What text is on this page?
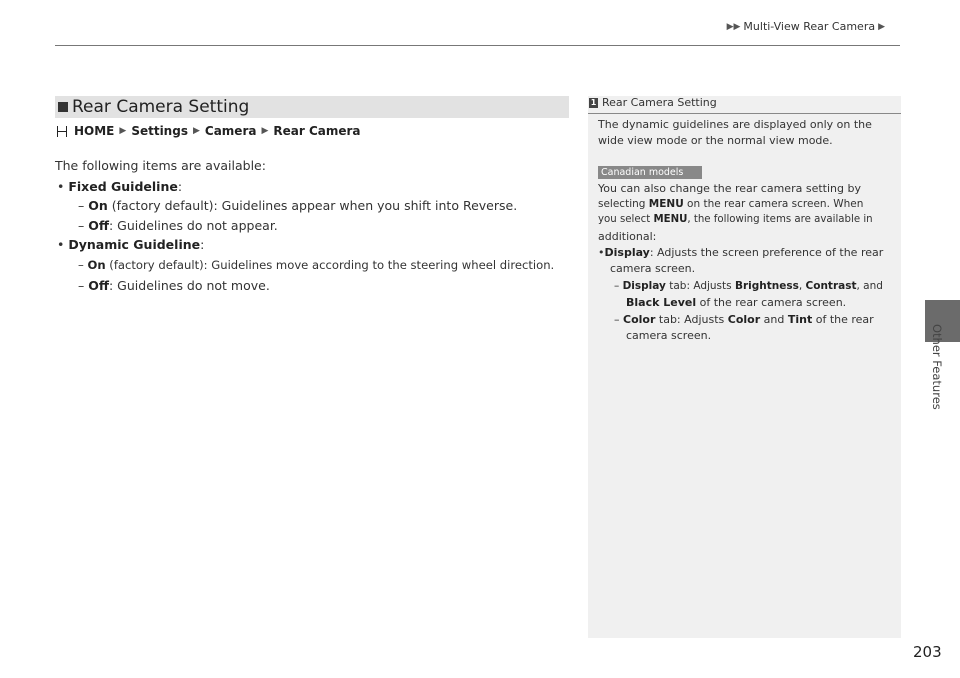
▶▶ Multi-View Rear Camera ▶
Other Features
Rear Camera Setting
HOME ▶ Settings ▶ Camera ▶ Rear Camera
The following items are available:
• Fixed Guideline:
– On (factory default): Guidelines appear when you shift into Reverse.
– Off: Guidelines do not appear.
• Dynamic Guideline:
– On (factory default): Guidelines move according to the steering wheel direction.
– Off: Guidelines do not move.
1 Rear Camera Setting
The dynamic guidelines are displayed only on the
wide view mode or the normal view mode.
Canadian models
You can also change the rear camera setting by
selecting MENU on the rear camera screen. When
you select MENU, the following items are available in
additional:
•Display: Adjusts the screen preference of the rear
camera screen.
– Display tab: Adjusts Brightness, Contrast, and
Black Level of the rear camera screen.
– Color tab: Adjusts Color and Tint of the rear
camera screen.
203
